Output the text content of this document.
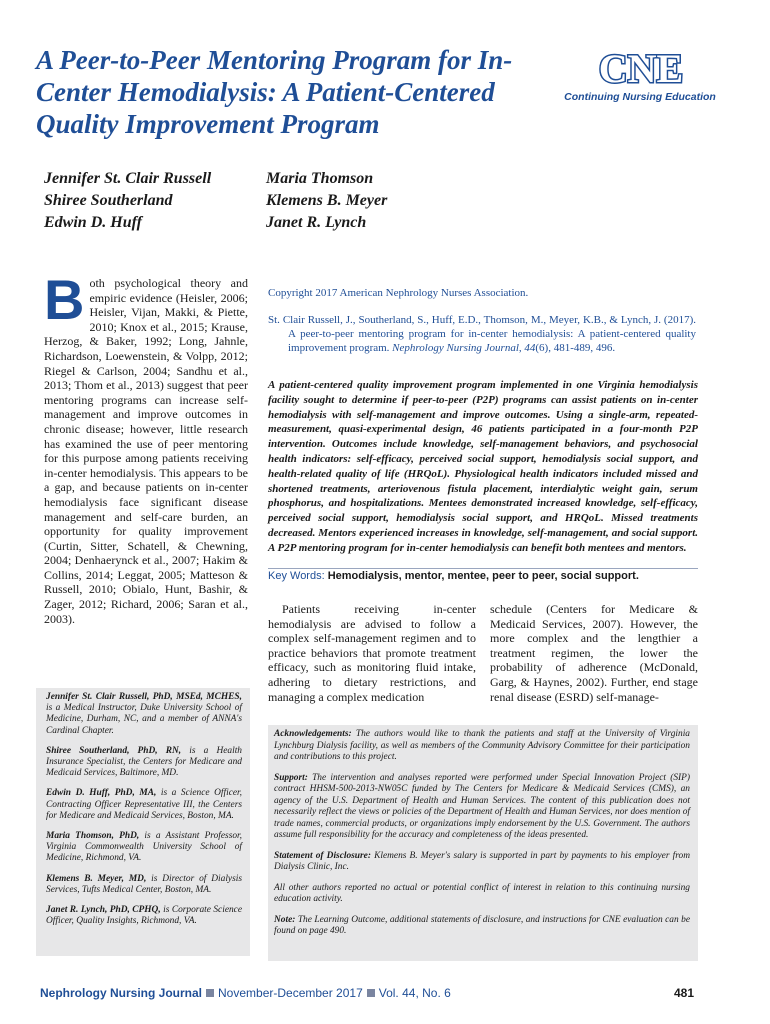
A Peer-to-Peer Mentoring Program for In-Center Hemodialysis: A Patient-Centered Quality Improvement Program
CNE
Continuing Nursing Education
Jennifer St. Clair Russell
Shiree Southerland
Edwin D. Huff
Maria Thomson
Klemens B. Meyer
Janet R. Lynch

Both psychological theory and empiric evidence (Heisler, 2006; Heisler, Vijan, Makki, & Piette, 2010; Knox et al., 2015; Krause, Herzog, & Baker, 1992; Long, Jahnle, Richardson, Loewenstein, & Volpp, 2012; Riegel & Carlson, 2004; Sandhu et al., 2013; Thom et al., 2013) suggest that peer mentoring programs can increase self-management and improve outcomes in chronic disease; however, little research has examined the use of peer mentoring for this purpose among patients receiving in-center hemodialysis. This appears to be a gap, and because patients on in-center hemodialysis face significant disease management and self-care burden, an opportunity for quality improvement (Curtin, Sitter, Schatell, & Chewning, 2004; Denhaerynck et al., 2007; Hakim & Collins, 2014; Leggat, 2005; Matteson & Russell, 2010; Obialo, Hunt, Bashir, & Zager, 2012; Richard, 2006; Saran et al., 2003).

Jennifer St. Clair Russell, PhD, MSEd, MCHES, is a Medical Instructor, Duke University School of Medicine, Durham, NC, and a member of ANNA's Cardinal Chapter.

Shiree Southerland, PhD, RN, is a Health Insurance Specialist, the Centers for Medicare and Medicaid Services, Baltimore, MD.

Edwin D. Huff, PhD, MA, is a Science Officer, Contracting Officer Representative III, the Centers for Medicare and Medicaid Services, Boston, MA.

Maria Thomson, PhD, is a Assistant Professor, Virginia Commonwealth University School of Medicine, Richmond, VA.

Klemens B. Meyer, MD, is Director of Dialysis Services, Tufts Medical Center, Boston, MA.

Janet R. Lynch, PhD, CPHQ, is Corporate Science Officer, Quality Insights, Richmond, VA.

Copyright 2017 American Nephrology Nurses Association.
St. Clair Russell, J., Southerland, S., Huff, E.D., Thomson, M., Meyer, K.B., & Lynch, J. (2017). A peer-to-peer mentoring program for in-center hemodialysis: A patient-centered quality improvement program. Nephrology Nursing Journal, 44(6), 481-489, 496.

A patient-centered quality improvement program implemented in one Virginia hemodialysis facility sought to determine if peer-to-peer (P2P) programs can assist patients on in-center hemodialysis with self-management and improve outcomes. Using a single-arm, repeated-measurement, quasi-experimental design, 46 patients participated in a four-month P2P intervention. Outcomes include knowledge, self-management behaviors, and psychosocial health indicators: self-efficacy, perceived social support, hemodialysis social support, and health-related quality of life (HRQoL). Physiological health indicators included missed and shortened treatments, arteriovenous fistula placement, interdialytic weight gain, serum phosphorus, and hospitalizations. Mentees demonstrated increased knowledge, self-efficacy, perceived social support, hemodialysis social support, and HRQoL. Missed treatments decreased. Mentors experienced increases in knowledge, self-management, and social support. A P2P mentoring program for in-center hemodialysis can benefit both mentees and mentors.

Key Words: Hemodialysis, mentor, mentee, peer to peer, social support.

Patients receiving in-center hemodialysis are advised to follow a complex self-management regimen and to practice behaviors that promote treatment efficacy, such as monitoring fluid intake, adhering to dietary restrictions, and managing a complex medication

schedule (Centers for Medicare & Medicaid Services, 2007). However, the more complex and the lengthier a treatment regimen, the lower the probability of adherence (McDonald, Garg, & Haynes, 2002). Further, end stage renal disease (ESRD) self-manage-

Acknowledgements: The authors would like to thank the patients and staff at the University of Virginia Lynchburg Dialysis facility, as well as members of the Community Advisory Committee for their participation and contributions to this project.

Support: The intervention and analyses reported were performed under Special Innovation Project (SIP) contract HHSM-500-2013-NW05C funded by The Centers for Medicare & Medicaid Services (CMS), an agency of the U.S. Department of Health and Human Services. The content of this publication does not necessarily reflect the views or policies of the Department of Health and Human Services, nor does mention of trade names, commercial products, or organizations imply endorsement by the U.S. Government. The authors assume full responsibility for the accuracy and completeness of the ideas presented.

Statement of Disclosure: Klemens B. Meyer's salary is supported in part by payments to his employer from Dialysis Clinic, Inc.

All other authors reported no actual or potential conflict of interest in relation to this continuing nursing education activity.

Note: The Learning Outcome, additional statements of disclosure, and instructions for CNE evaluation can be found on page 490.

Nephrology Nursing Journal November-December 2017 Vol. 44, No. 6	481
